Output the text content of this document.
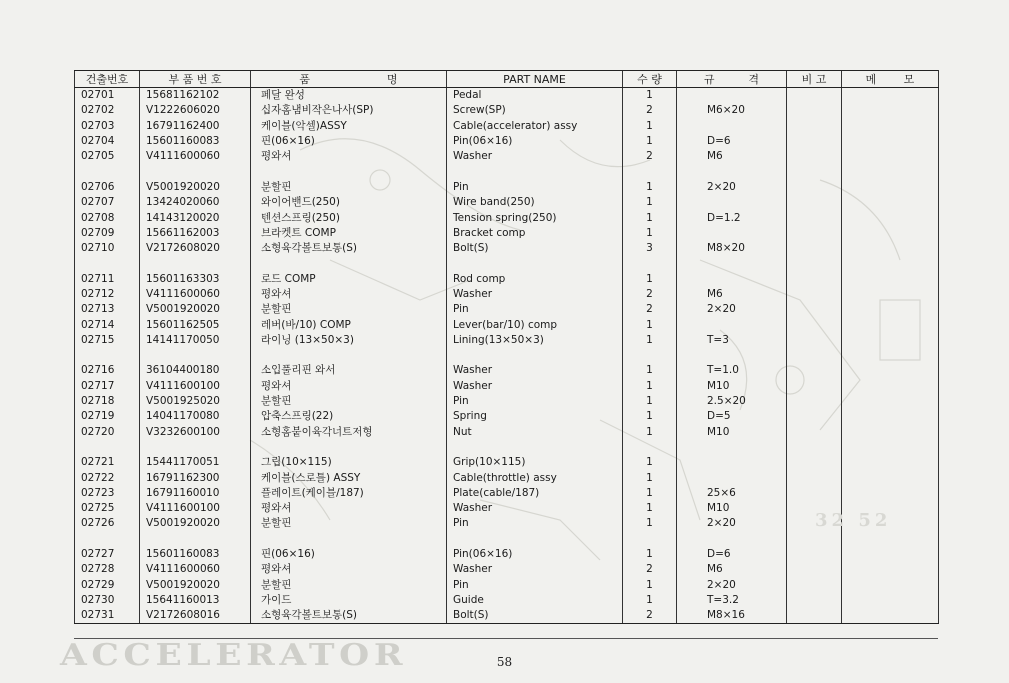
건출번호	부 품 번 호	품 명	PART NAME	수 량	규 격	비 고	메 모

02701	15681162102	페달 완성	Pedal	1			
02702	V1222606020	십자홈냄비작은나사(SP)	Screw(SP)	2	M6×20		
02703	16791162400	케이블(악셀)ASSY	Cable(accelerator) assy	1			
02704	15601160083	핀(06×16)	Pin(06×16)	1	D=6		
02705	V4111600060	평와셔	Washer	2	M6		

02706	V5001920020	분할핀	Pin	1	2×20		
02707	13424020060	와이어밴드(250)	Wire band(250)	1			
02708	14143120020	텐션스프링(250)	Tension spring(250)	1	D=1.2		
02709	15661162003	브라켓트 COMP	Bracket comp	1			
02710	V2172608020	소형육각볼트보통(S)	Bolt(S)	3	M8×20		

02711	15601163303	로드 COMP	Rod comp	1			
02712	V4111600060	평와셔	Washer	2	M6		
02713	V5001920020	분할핀	Pin	2	2×20		
02714	15601162505	레버(바/10) COMP	Lever(bar/10) comp	1			
02715	14141170050	라이닝 (13×50×3)	Lining(13×50×3)	1	T=3		

02716	36104400180	소입풀리핀 와서	Washer	1	T=1.0		
02717	V4111600100	평와셔	Washer	1	M10		
02718	V5001925020	분할핀	Pin	1	2.5×20		
02719	14041170080	압축스프링(22)	Spring	1	D=5		
02720	V3232600100	소형홈붙이육각너트저형	Nut	1	M10		

02721	15441170051	그립(10×115)	Grip(10×115)	1			
02722	16791162300	케이블(스로틀) ASSY	Cable(throttle) assy	1			
02723	16791160010	플레이트(케이블/187)	Plate(cable/187)	1	25×6		
02725	V4111600100	평와셔	Washer	1	M10		
02726	V5001920020	분할핀	Pin	1	2×20		

02727	15601160083	핀(06×16)	Pin(06×16)	1	D=6		
02728	V4111600060	평와셔	Washer	2	M6		
02729	V5001920020	분할핀	Pin	1	2×20		
02730	15641160013	가이드	Guide	1	T=3.2		
02731	V2172608016	소형육각볼트보통(S)	Bolt(S)	2	M8×16		
ACCELERATOR
32 52
58
